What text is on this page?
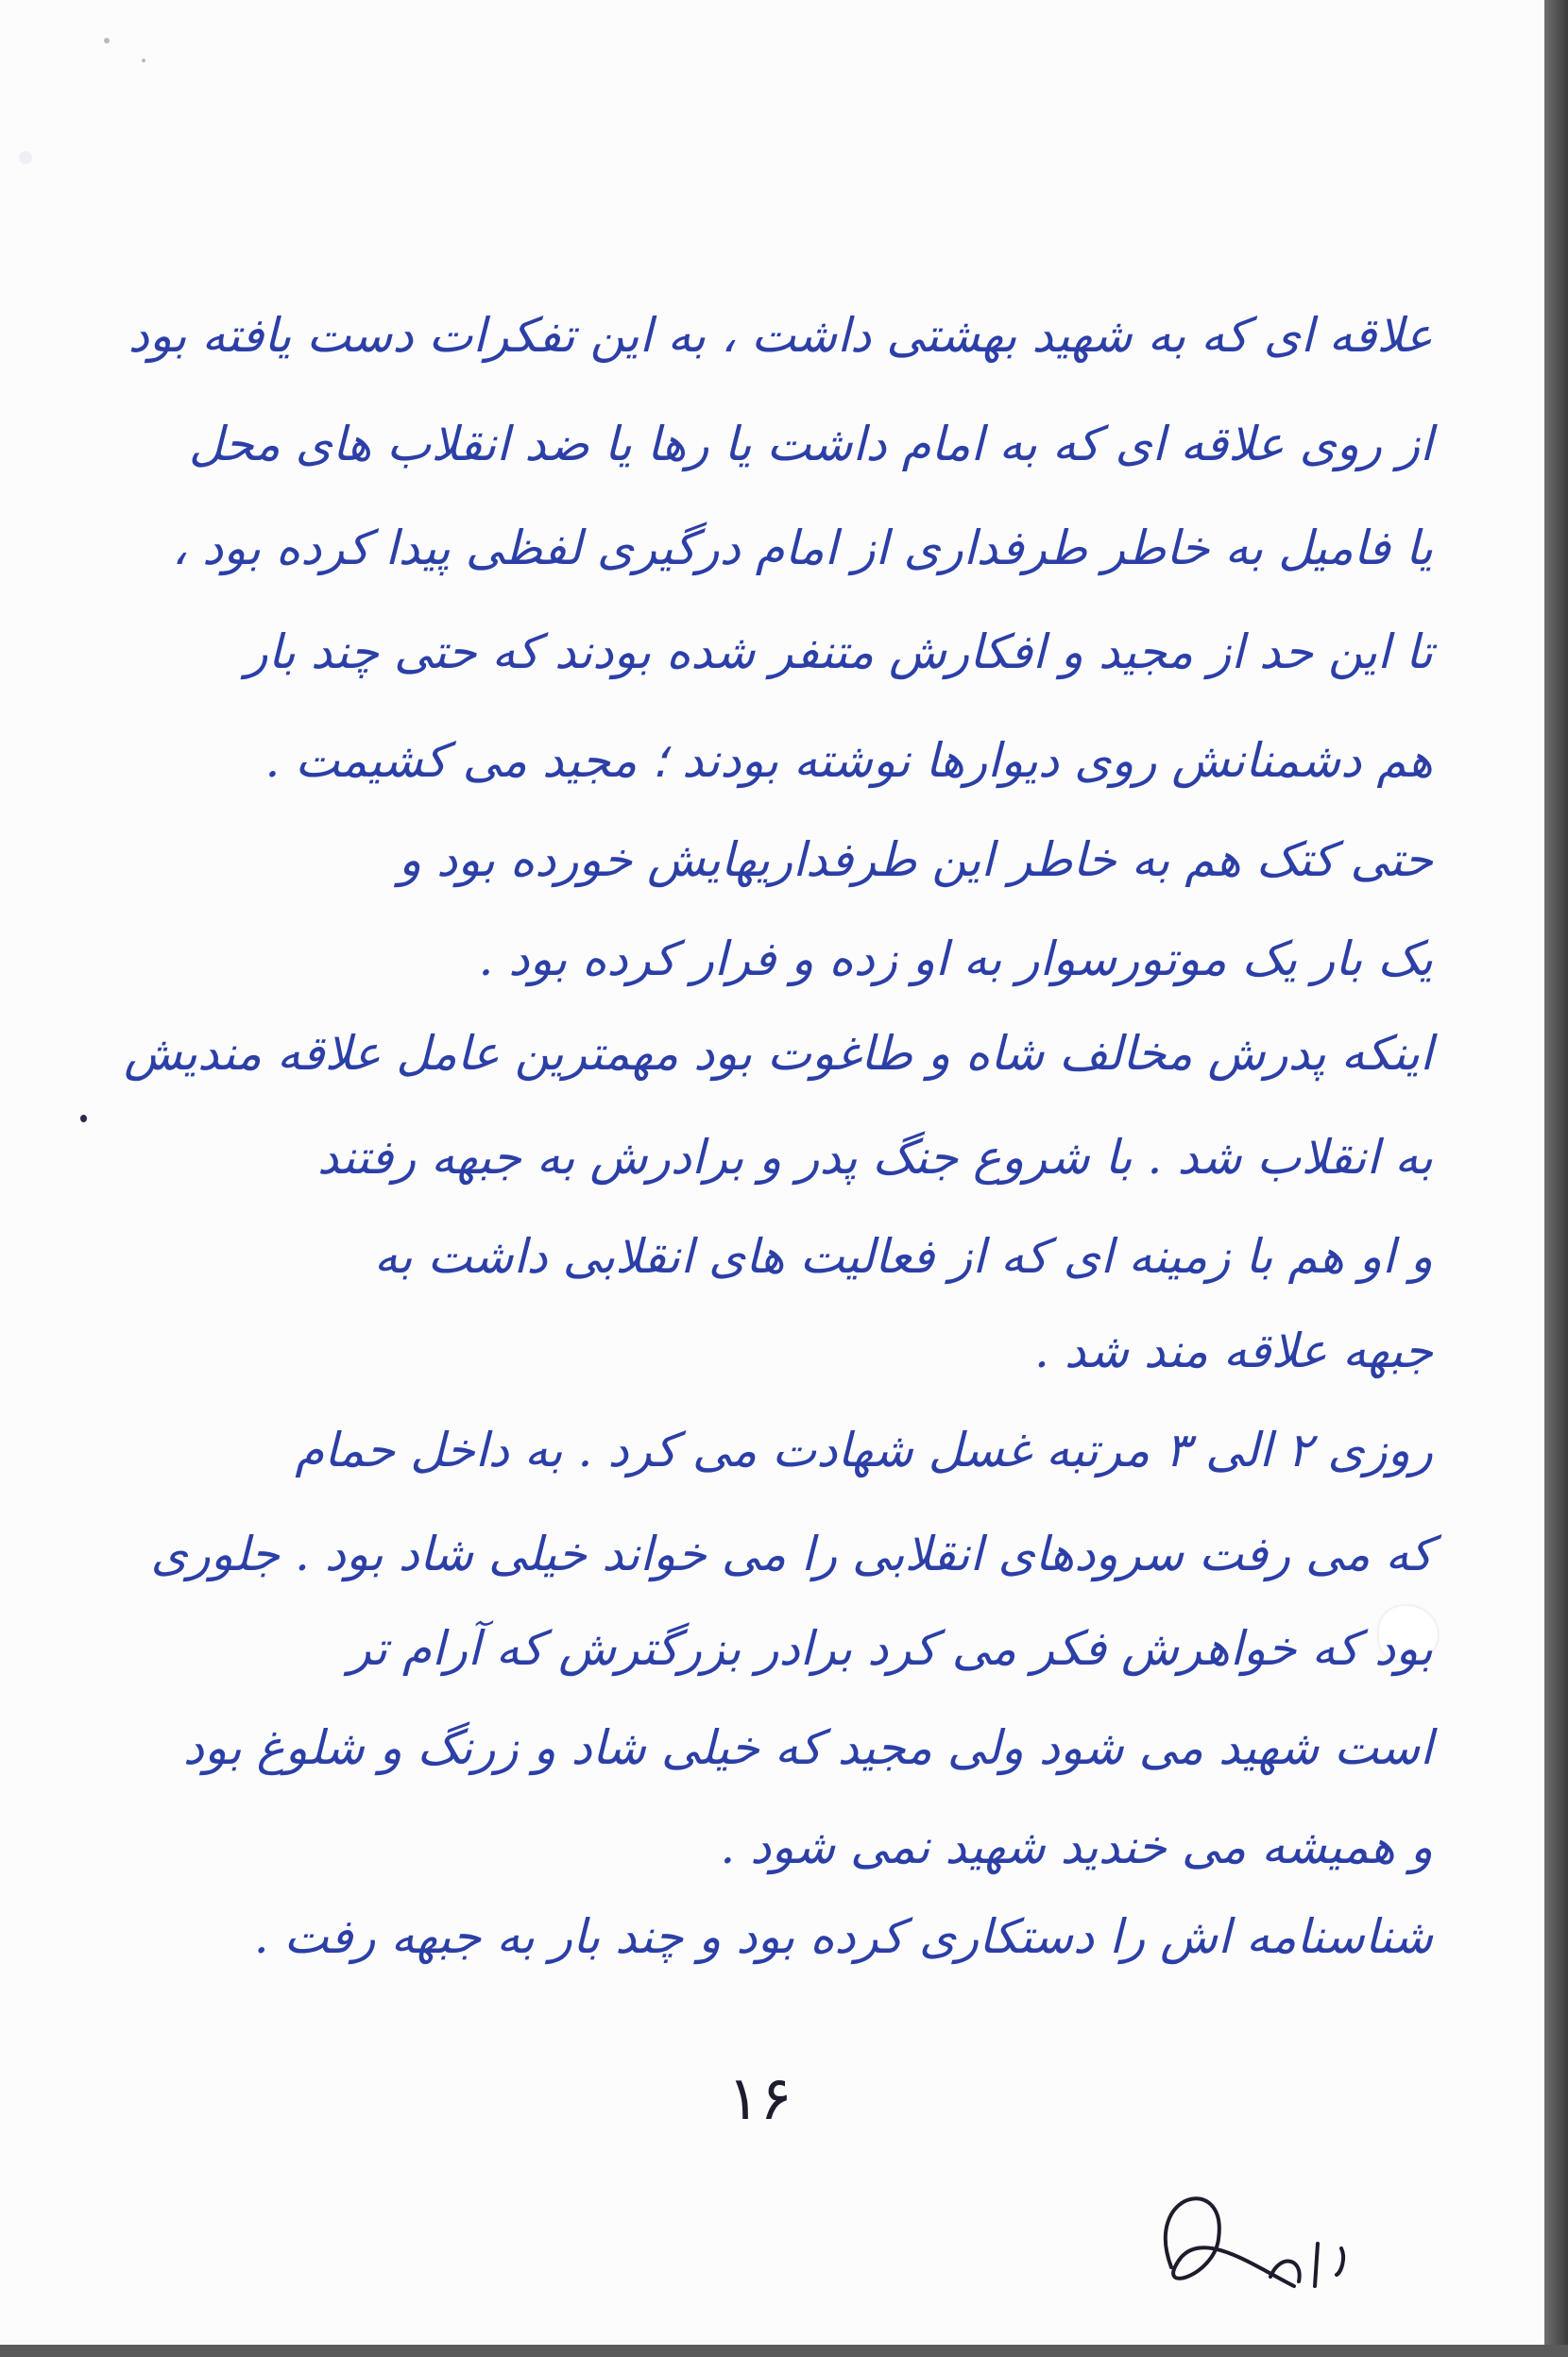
علاقه ای که به شهید بهشتی داشت ، به این تفکرات دست یافته بود
از روی علاقه ای که به امام داشت یا رها یا ضد انقلاب های محل
یا فامیل به خاطر طرفداری از امام درگیری لفظی پیدا کرده بود ،
تا این حد از مجید و افکارش متنفر شده بودند که حتی چند بار
هم دشمنانش روی دیوارها نوشته بودند ؛ مجید می کشیمت .
حتی کتک هم به خاطر این طرفداریهایش خورده بود و
یک بار یک موتورسوار به او زده و فرار کرده بود .
اینکه پدرش مخالف شاه و طاغوت بود مهمترین عامل علاقه مندیش
به انقلاب شد . با شروع جنگ پدر و برادرش به جبهه رفتند
و او هم با زمینه ای که از فعالیت های انقلابی داشت به
جبهه علاقه مند شد .
روزی ۲ الی ۳ مرتبه غسل شهادت می کرد . به داخل حمام
که می رفت سرودهای انقلابی را می خواند خیلی شاد بود . جلوری
بود که خواهرش فکر می کرد برادر بزرگترش که آرام تر
است شهید می شود ولی مجید که خیلی شاد و زرنگ و شلوغ بود
و همیشه می خندید شهید نمی شود .
شناسنامه اش را دستکاری کرده بود و چند بار به جبهه رفت .
۱۶
